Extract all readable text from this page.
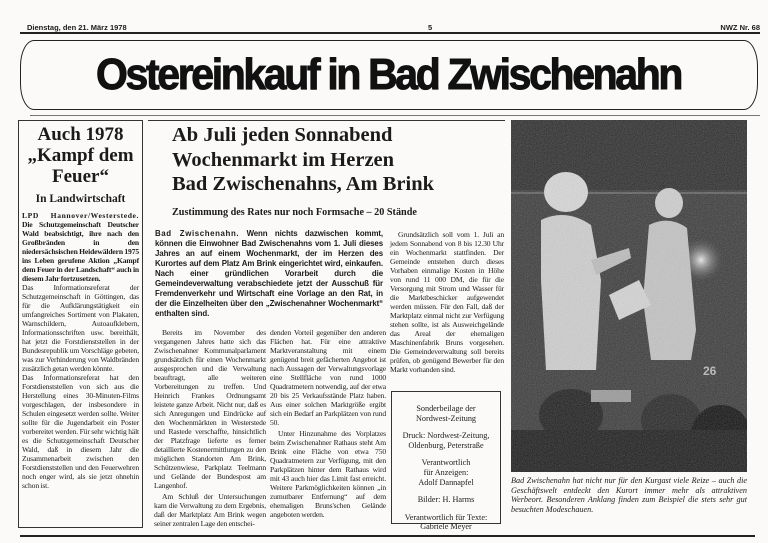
Dienstag, den 21. März 1978	5	NWZ Nr. 68
Ostereinkauf in Bad Zwischenahn
Auch 1978 „Kampf dem Feuer“
In Landwirtschaft

LPD Hannover/Westerstede. Die Schutzgemeinschaft Deutscher Wald beabsichtigt, ihre nach den Großbränden in den niedersächsischen Heidewäldern 1975 ins Leben gerufene Aktion „Kampf dem Feuer in der Landschaft“ auch in diesem Jahr fortzusetzen.

Das Informationsreferat der Schutzgemeinschaft in Göttingen, das für die Aufklärungstätigkeit ein umfangreiches Sortiment von Plakaten, Warnschildern, Autoaufklebern, Informationsschriften usw. bereithält, hat jetzt die Forstdienststellen in der Bundesrepublik um Vorschläge gebeten, was zur Verhinderung von Waldbränden zusätzlich getan werden könnte.

Das Informationsreferat hat den Forstdienststellen von sich aus die Herstellung eines 30-Minuten-Films vorgeschlagen, der insbesondere in Schulen eingesetzt werden sollte. Weiter sollte für die Jugendarbeit ein Poster vorbereitet werden. Für sehr wichtig hält es die Schutzgemeinschaft Deutscher Wald, daß in diesem Jahr die Zusammenarbeit zwischen den Forstdienststellen und den Feuerwehren noch enger wird, als sie jetzt ohnehin schon ist.

Ab Juli jeden Sonnabend
Wochenmarkt im Herzen
Bad Zwischenahns, Am Brink
Zustimmung des Rates nur noch Formsache – 20 Stände
Bad Zwischenahn. Wenn nichts dazwischen kommt, können die Einwohner Bad Zwischenahns vom 1. Juli dieses Jahres an auf einem Wochenmarkt, der im Herzen des Kurortes auf dem Platz Am Brink eingerichtet wird, einkaufen. Nach einer gründlichen Vorarbeit durch die Gemeindeverwaltung verabschiedete jetzt der Ausschuß für Fremdenverkehr und Wirtschaft eine Vorlage an den Rat, in der die Einzelheiten über den „Zwischenahner Wochenmarkt“ enthalten sind.

Bereits im November des vergangenen Jahres hatte sich das Zwischenahner Kommunalparlament grundsätzlich für einen Wochenmarkt ausgesprochen und die Verwaltung beauftragt, alle weiteren Vorbereitungen zu treffen. Und Heinrich Frankes Ordnungsamt leistete ganze Arbeit. Nicht nur, daß es sich Anregungen und Eindrücke auf den Wochenmärkten in Westerstede und Rastede verschaffte, hinsichtlich der Platzfrage lieferte es ferner detaillierte Kostenermittlungen zu den möglichen Standorten Am Brink, Schützenwiese, Parkplatz Teelmann und Gelände der Bundespost am Langenhof.

Am Schluß der Untersuchungen kam die Verwaltung zu dem Ergebnis, daß der Marktplatz Am Brink wegen seiner zentralen Lage den entschei-

denden Vorteil gegenüber den anderen Flächen hat. Für eine attraktive Marktveranstaltung mit einem genügend breit gefächerten Angebot ist nach Aussagen der Verwaltungsvorlage eine Stellfläche von rund 1000 Quadratmetern notwendig, auf der etwa 20 bis 25 Verkaufsstände Platz haben. Aus einer solchen Marktgröße ergibt sich ein Bedarf an Parkplätzen von rund 50.

Unter Hinzunahme des Vorplatzes beim Zwischenahner Rathaus steht Am Brink eine Fläche von etwa 750 Quadratmetern zur Verfügung, mit den Parkplätzen hinter dem Rathaus wird mit 43 auch hier das Limit fast erreicht. Weitere Parkmöglichkeiten können „in zumutbarer Entfernung“ auf dem ehemaligen Bruns'schen Gelände angeboten werden.

Grundsätzlich soll vom 1. Juli an jedem Sonnabend von 8 bis 12.30 Uhr ein Wochenmarkt stattfinden. Der Gemeinde entstehen durch dieses Vorhaben einmalige Kosten in Höhe von rund 11 000 DM, die für die Versorgung mit Strom und Wasser für die Marktbeschicker aufgewendet werden müssen. Für den Fall, daß der Marktplatz einmal nicht zur Verfügung stehen sollte, ist als Ausweichgelände das Areal der ehemaligen Maschinenfabrik Bruns vorgesehen. Die Gemeindeverwaltung soll bereits prüfen, ob genügend Bewerber für den Markt vorhanden sind.

Sonderbeilage der
Nordwest-Zeitung
Druck: Nordwest-Zeitung,
Oldenburg, Peterstraße
Verantwortlich
für Anzeigen:
Adolf Dannapfel
Bilder: H. Harms
Verantwortlich für Texte:
Gabriele Meyer
26
Bad Zwischenahn hat nicht nur für den Kurgast viele Reize – auch die Geschäftswelt entdeckt den Kurort immer mehr als attraktiven Werbeort. Besonderen Anklang finden zum Beispiel die stets sehr gut besuchten Modeschauen.
